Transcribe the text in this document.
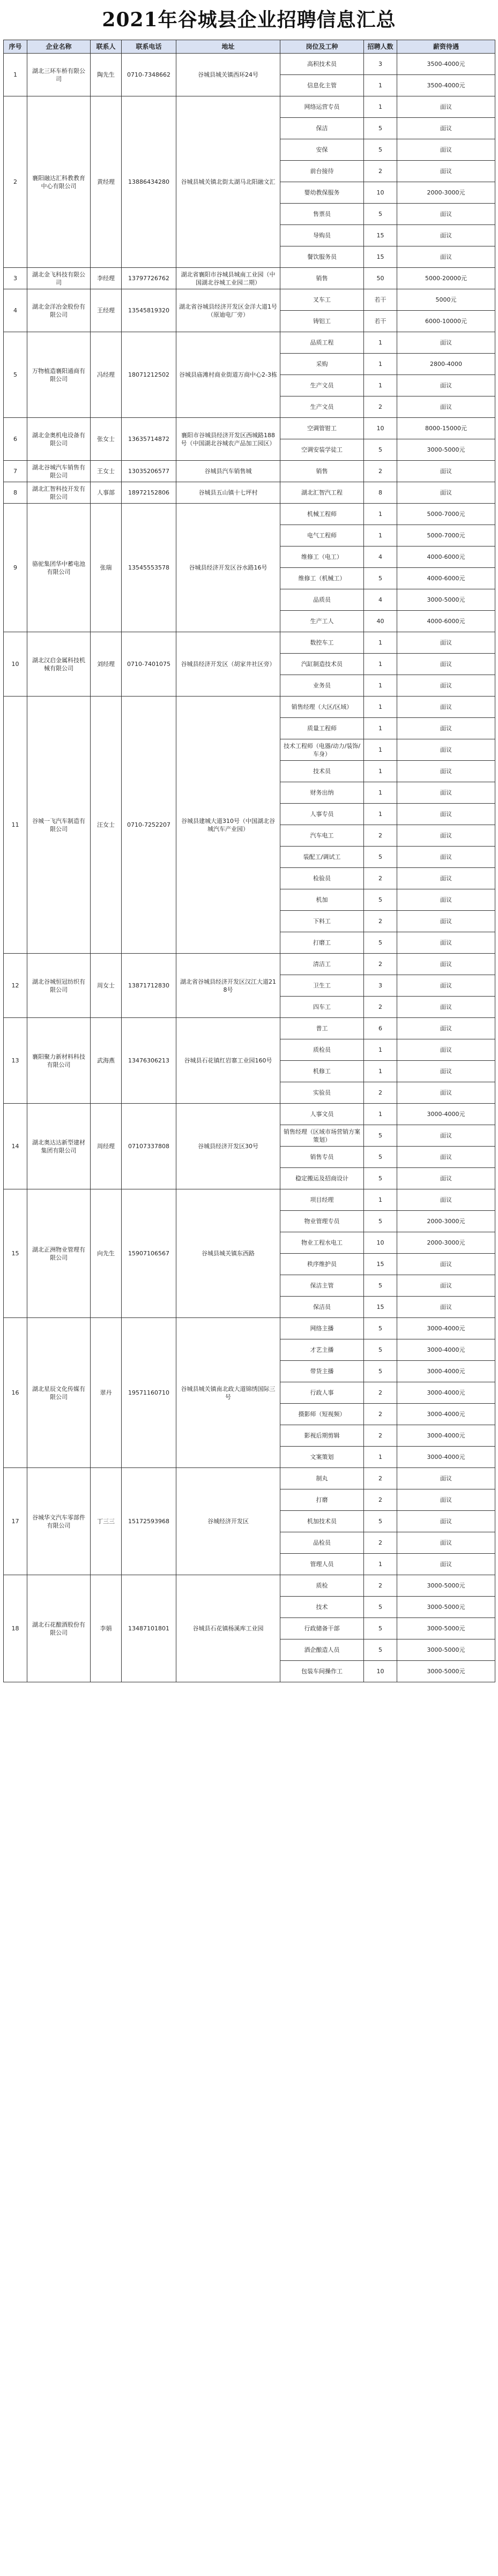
2021年谷城县企业招聘信息汇总
序号	企业名称	联系人	联系电话	地址	岗位及工种	招聘人数	薪资待遇
1	湖北三环车桥有限公司	陶先生	0710-7348662	谷城县城关镇西环24号	高积技术员	3	3500-4000元
					信息化主管	1	3500-4000元
2	襄阳融达汇科教教育中心有限公司	黄经理	13886434280	谷城县城关镇北街太湖马北阳融文汇	网络运营专员	1	面议
					保洁	5	面议
					安保	5	面议
					前台接待	2	面议
					婴幼教保服务	10	2000-3000元
					售票员	5	面议
					导购员	15	面议
					餐饮服务员	15	面议
3	湖北金飞科技有限公司	李经理	13797726762	湖北省襄阳市谷城县城南工业园（中国湖北谷城工业园二期）	销售	50	5000-20000元
4	湖北金洋冶金股份有限公司	王经理	13545819320	湖北省谷城县经济开发区金洋大道1号（原迪电厂旁）	叉车工	若干	5000元
					铸铝工	若干	6000-10000元
5	万物植造襄阳通商有限公司	冯经理	18071212502	谷城县庙滩村商业街道万商中心2-3栋	品质工程	1	面议
					采购	1	2800-4000
					生产文员	1	面议
					生产文员	2	面议
6	湖北金奥机电设备有限公司	张女士	13635714872	襄阳市谷城县经济开发区西城路188号（中国湖北谷城农产品加工园区）	空调管钳工	10	8000-15000元
					空调安装学徒工	5	3000-5000元
7	湖北谷城汽车销售有限公司	王女士	13035206577	谷城县汽车销售城	销售	2	面议
8	湖北汇智科技开发有限公司	人事部	18972152806	谷城县五山镇十七坪村	湖北汇智汽工程	8	面议
9	骆驼集团华中蓄电池有限公司	张瑞	13545553578	谷城县经济开发区谷水路16号	机械工程师	1	5000-7000元
					电气工程师	1	5000-7000元
					维修工（电工）	4	4000-6000元
					维修工（机械工）	5	4000-6000元
					品质员	4	3000-5000元
					生产工人	40	4000-6000元
10	湖北汉启金属科技机械有限公司	刘经理	0710-7401075	谷城县经济开发区（胡家井社区旁）	数控车工	1	面议
					汽缸制造技术员	1	面议
					业务员	1	面议
11	谷城一飞汽车制造有限公司	汪女士	0710-7252207	谷城县建城大道310号（中国湖北谷城汽车产业园）	销售经理（大区/区域）	1	面议
					质量工程师	1	面议
					技术工程师（电器/动力/装饰/车身）	1	面议
					技术员	1	面议
					财务出纳	1	面议
					人事专员	1	面议
					汽车电工	2	面议
					装配工/调试工	5	面议
					检验员	2	面议
					机加	5	面议
					下料工	2	面议
					打磨工	5	面议
12	湖北谷城恒冠纺织有限公司	周女士	13871712830	湖北省谷城县经济开发区汉江大道218号	清洁工	2	面议
					卫生工	3	面议
					四车工	2	面议
13	襄阳聚力新材料科技有限公司	武海燕	13476306213	谷城县石花镇红岩寨工业园160号	普工	6	面议
					质检员	1	面议
					机修工	1	面议
					实验员	2	面议
14	湖北奥达达新型建材集团有限公司	周经理	07107337808	谷城县经济开发区30号	人事文员	1	3000-4000元
					销售经理（区域市场营销方案策划）	5	面议
					销售专员	5	面议
					稳定搬运及招商设计	5	面议
15	湖北正洲物业管理有限公司	向先生	15907106567	谷城县城关镇东西路	项目经理	1	面议
					物业管理专员	5	2000-3000元
					物业工程水电工	10	2000-3000元
					秩序维护员	15	面议
					保洁主管	5	面议
					保洁员	15	面议
16	湖北星辰文化传媒有限公司	翠丹	19571160710	谷城县城关镇南北政大道锦绣国际三号	网络主播	5	3000-4000元
					才艺主播	5	3000-4000元
					带货主播	5	3000-4000元
					行政人事	2	3000-4000元
					摄影师（短视频）	2	3000-4000元
					影视后期剪辑	2	3000-4000元
					文案策划	1	3000-4000元
17	谷城华文汽车零部件有限公司	丁三三	15172593968	谷城经济开发区	制丸	2	面议
					打磨	2	面议
					机加技术员	5	面议
					品检员	2	面议
					管理人员	1	面议
18	湖北石花酿酒股份有限公司	李娟	13487101801	谷城县石花镇杨溪库工业园	质检	2	3000-5000元
					技术	5	3000-5000元
					行政储备干部	5	3000-5000元
					酒企酿造人员	5	3000-5000元
					包装车间操作工	10	3000-5000元
